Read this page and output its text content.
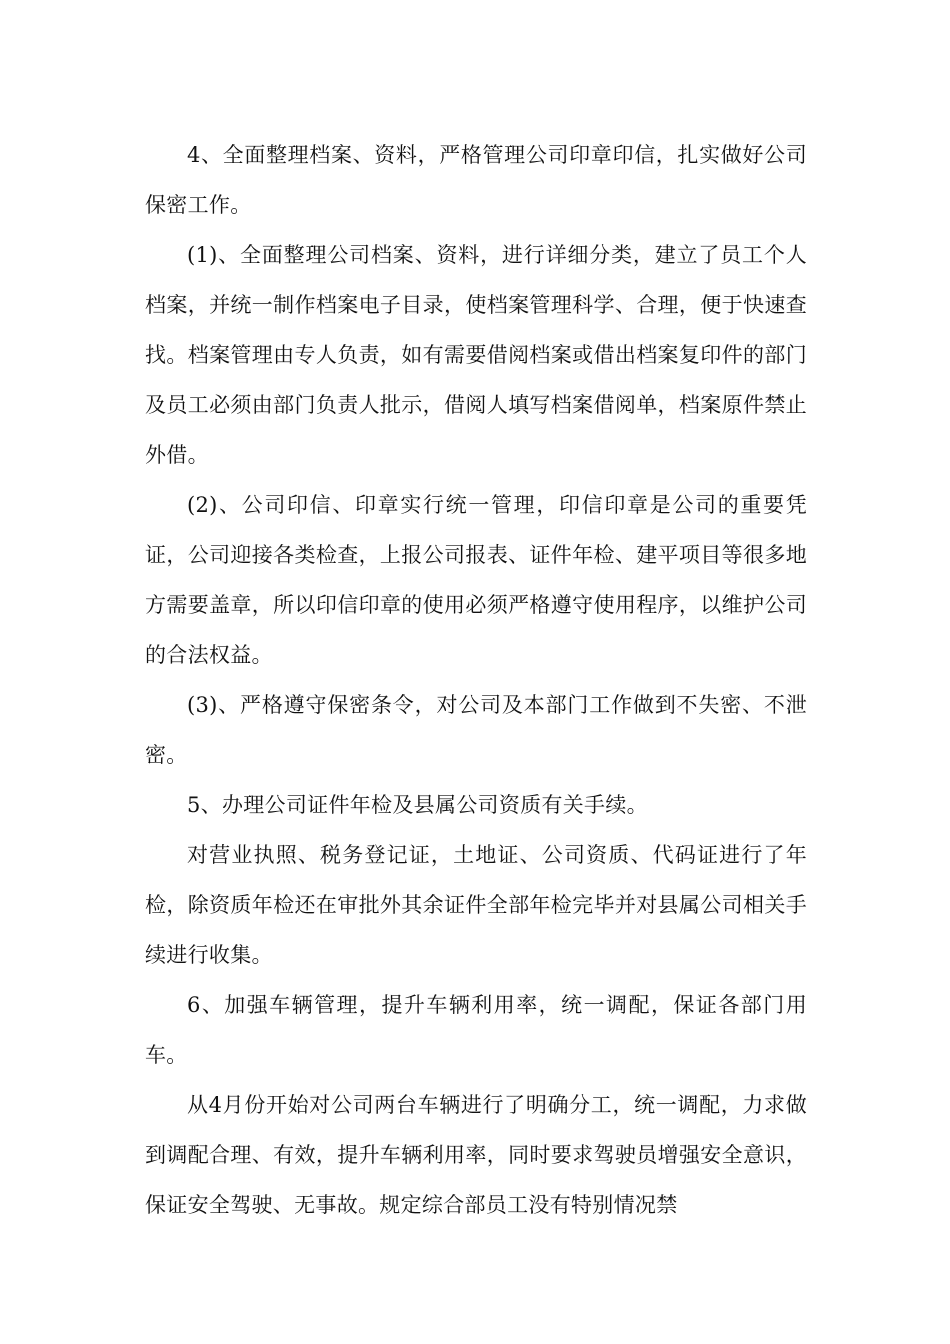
4、全面整理档案、资料，严格管理公司印章印信，扎实做好公司保密工作。

(1)、全面整理公司档案、资料，进行详细分类，建立了员工个人档案，并统一制作档案电子目录，使档案管理科学、合理，便于快速查找。档案管理由专人负责，如有需要借阅档案或借出档案复印件的部门及员工必须由部门负责人批示，借阅人填写档案借阅单，档案原件禁止外借。

(2)、公司印信、印章实行统一管理，印信印章是公司的重要凭证，公司迎接各类检查，上报公司报表、证件年检、建平项目等很多地方需要盖章，所以印信印章的使用必须严格遵守使用程序，以维护公司的合法权益。

(3)、严格遵守保密条令，对公司及本部门工作做到不失密、不泄密。

5、办理公司证件年检及县属公司资质有关手续。

对营业执照、税务登记证，土地证、公司资质、代码证进行了年检，除资质年检还在审批外其余证件全部年检完毕并对县属公司相关手续进行收集。

6、加强车辆管理，提升车辆利用率，统一调配，保证各部门用车。

从4月份开始对公司两台车辆进行了明确分工，统一调配，力求做到调配合理、有效，提升车辆利用率，同时要求驾驶员增强安全意识，保证安全驾驶、无事故。规定综合部员工没有特别情况禁
